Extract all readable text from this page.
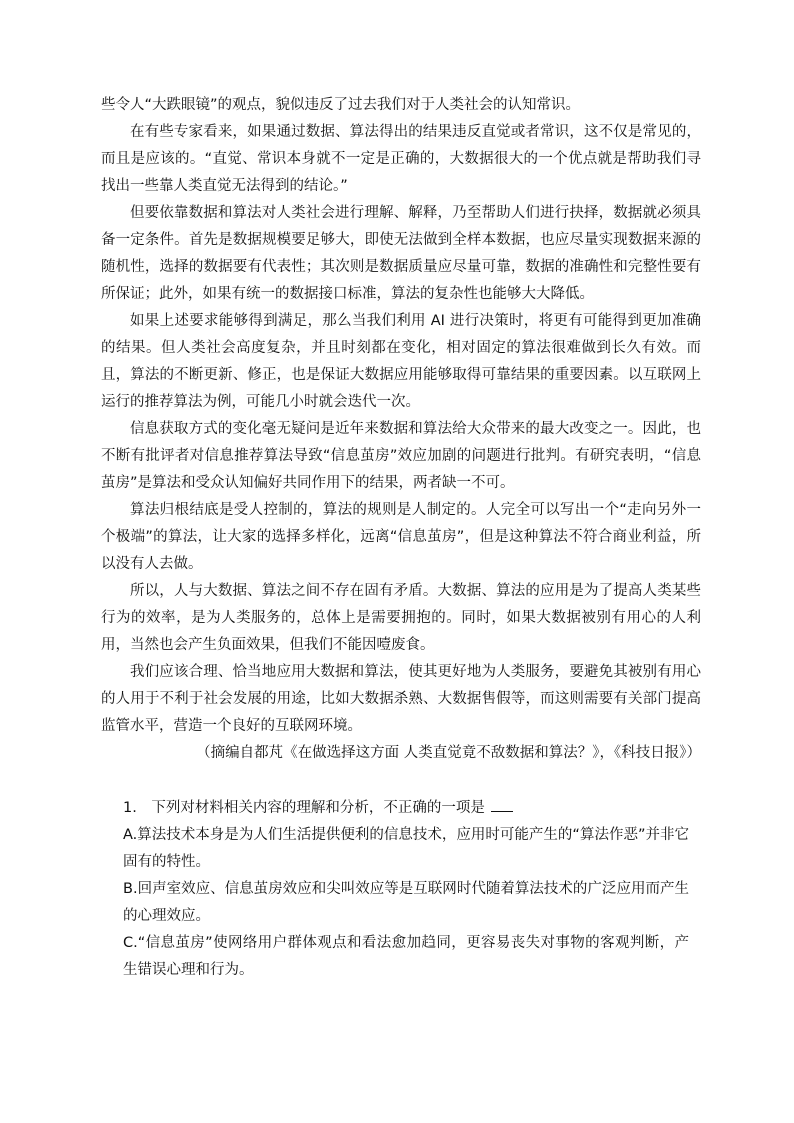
些令人“大跌眼镜”的观点，貌似违反了过去我们对于人类社会的认知常识。

在有些专家看来，如果通过数据、算法得出的结果违反直觉或者常识，这不仅是常见的，而且是应该的。“直觉、常识本身就不一定是正确的，大数据很大的一个优点就是帮助我们寻找出一些靠人类直觉无法得到的结论。”

但要依靠数据和算法对人类社会进行理解、解释，乃至帮助人们进行抉择，数据就必须具备一定条件。首先是数据规模要足够大，即使无法做到全样本数据，也应尽量实现数据来源的随机性，选择的数据要有代表性；其次则是数据质量应尽量可靠，数据的准确性和完整性要有所保证；此外，如果有统一的数据接口标准，算法的复杂性也能够大大降低。

如果上述要求能够得到满足，那么当我们利用 AI 进行决策时，将更有可能得到更加准确的结果。但人类社会高度复杂，并且时刻都在变化，相对固定的算法很难做到长久有效。而且，算法的不断更新、修正，也是保证大数据应用能够取得可靠结果的重要因素。以互联网上运行的推荐算法为例，可能几小时就会迭代一次。

信息获取方式的变化毫无疑问是近年来数据和算法给大众带来的最大改变之一。因此，也不断有批评者对信息推荐算法导致“信息茧房”效应加剧的问题进行批判。有研究表明，“信息茧房”是算法和受众认知偏好共同作用下的结果，两者缺一不可。

算法归根结底是受人控制的，算法的规则是人制定的。人完全可以写出一个“走向另外一个极端”的算法，让大家的选择多样化，远离“信息茧房”，但是这种算法不符合商业利益，所以没有人去做。

所以，人与大数据、算法之间不存在固有矛盾。大数据、算法的应用是为了提高人类某些行为的效率，是为人类服务的，总体上是需要拥抱的。同时，如果大数据被别有用心的人利用，当然也会产生负面效果，但我们不能因噎废食。

我们应该合理、恰当地应用大数据和算法，使其更好地为人类服务，要避免其被别有用心的人用于不利于社会发展的用途，比如大数据杀熟、大数据售假等，而这则需要有关部门提高监管水平，营造一个良好的互联网环境。

（摘编自都芃《在做选择这方面 人类直觉竟不敌数据和算法？》，《科技日报》）

1.　下列对材料相关内容的理解和分析，不正确的一项是

A.算法技术本身是为人们生活提供便利的信息技术，应用时可能产生的“算法作恶”并非它固有的特性。

B.回声室效应、信息茧房效应和尖叫效应等是互联网时代随着算法技术的广泛应用而产生的心理效应。

C.“信息茧房”使网络用户群体观点和看法愈加趋同，更容易丧失对事物的客观判断，产生错误心理和行为。
